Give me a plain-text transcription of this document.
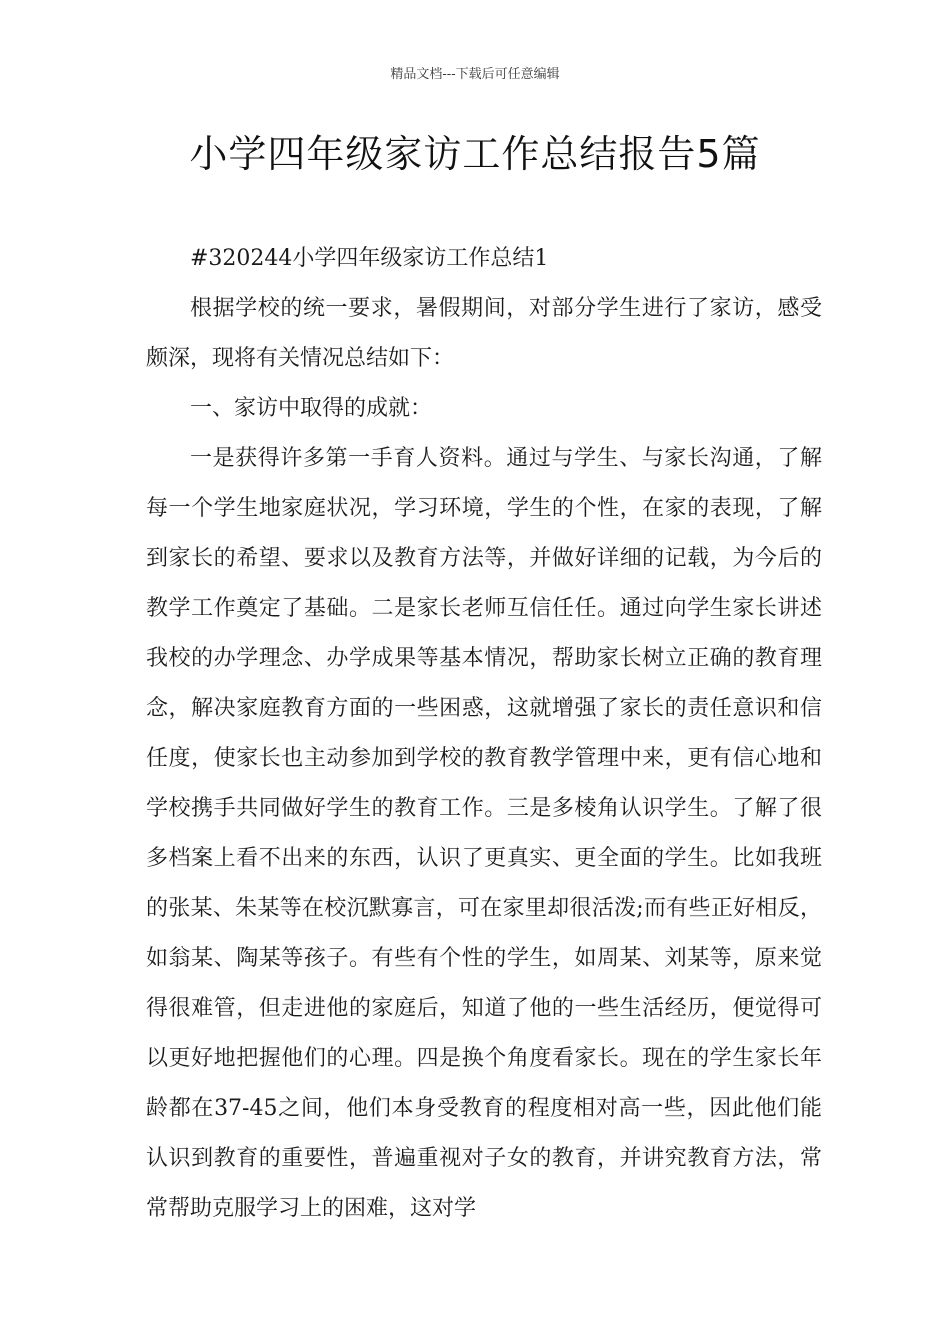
精品文档---下载后可任意编辑
小学四年级家访工作总结报告5篇

#320244小学四年级家访工作总结1

根据学校的统一要求，暑假期间，对部分学生进行了家访，感受颇深，现将有关情况总结如下：

一、家访中取得的成就：

一是获得许多第一手育人资料。通过与学生、与家长沟通，了解每一个学生地家庭状况，学习环境，学生的个性，在家的表现，了解到家长的希望、要求以及教育方法等，并做好详细的记载，为今后的教学工作奠定了基础。二是家长老师互信任任。通过向学生家长讲述我校的办学理念、办学成果等基本情况，帮助家长树立正确的教育理念，解决家庭教育方面的一些困惑，这就增强了家长的责任意识和信任度，使家长也主动参加到学校的教育教学管理中来，更有信心地和学校携手共同做好学生的教育工作。三是多棱角认识学生。了解了很多档案上看不出来的东西，认识了更真实、更全面的学生。比如我班的张某、朱某等在校沉默寡言，可在家里却很活泼;而有些正好相反，如翁某、陶某等孩子。有些有个性的学生，如周某、刘某等，原来觉得很难管，但走进他的家庭后，知道了他的一些生活经历，便觉得可以更好地把握他们的心理。四是换个角度看家长。现在的学生家长年龄都在37-45之间，他们本身受教育的程度相对高一些，因此他们能认识到教育的重要性，普遍重视对子女的教育，并讲究教育方法，常常帮助克服学习上的困难，这对学
